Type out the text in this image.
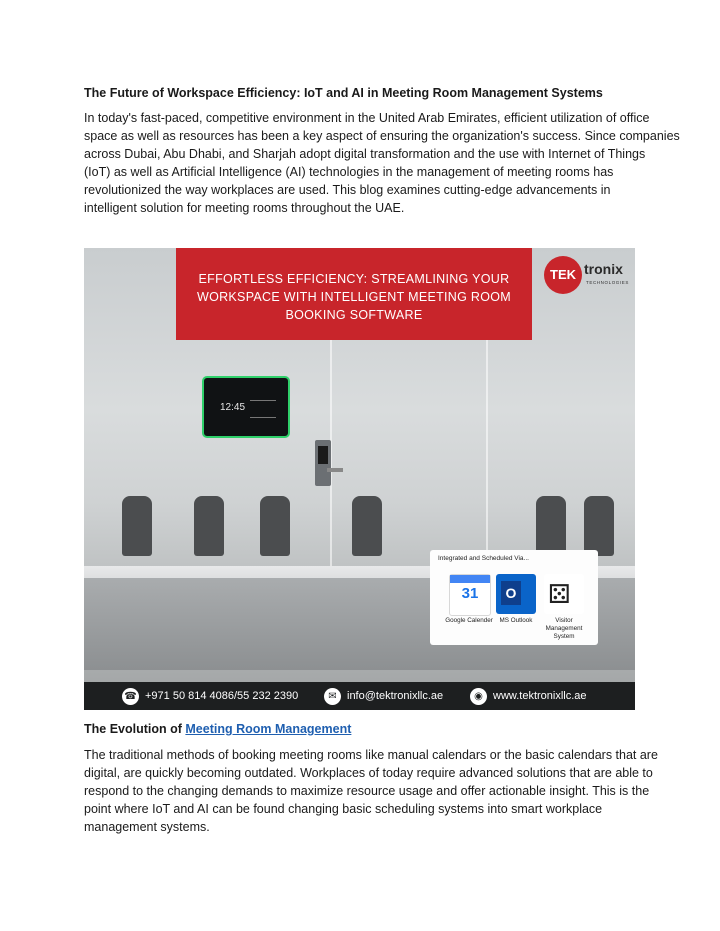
The Future of Workspace Efficiency: IoT and AI in Meeting Room Management Systems

In today's fast-paced, competitive environment in the United Arab Emirates, efficient utilization of office
space as well as resources has been a key aspect of ensuring the organization's success. Since companies
across Dubai, Abu Dhabi, and Sharjah adopt digital transformation and the use with Internet of Things
(IoT) as well as Artificial Intelligence (AI) technologies in the management of meeting rooms has
revolutionized the way workplaces are used. This blog examines cutting-edge advancements in
intelligent solution for meeting rooms throughout the UAE.

EFFORTLESS EFFICIENCY: STREAMLINING YOUR
WORKSPACE WITH INTELLIGENT MEETING ROOM
BOOKING SOFTWARE
TEK tronix
TECHNOLOGIES
12:45
Integrated and Scheduled Via...
31	O ⚄
Google Calender	MS Outlook	Visitor Management System
☎ +971 50 814 4086/55 232 2390	✉ info@tektronixllc.ae	◉ www.tektronixllc.ae
The Evolution of Meeting Room Management

The traditional methods of booking meeting rooms like manual calendars or the basic calendars that are
digital, are quickly becoming outdated. Workplaces of today require advanced solutions that are able to
respond to the changing demands to maximize resource usage and offer actionable insight. This is the
point where IoT and AI can be found changing basic scheduling systems into smart workplace
management systems.
